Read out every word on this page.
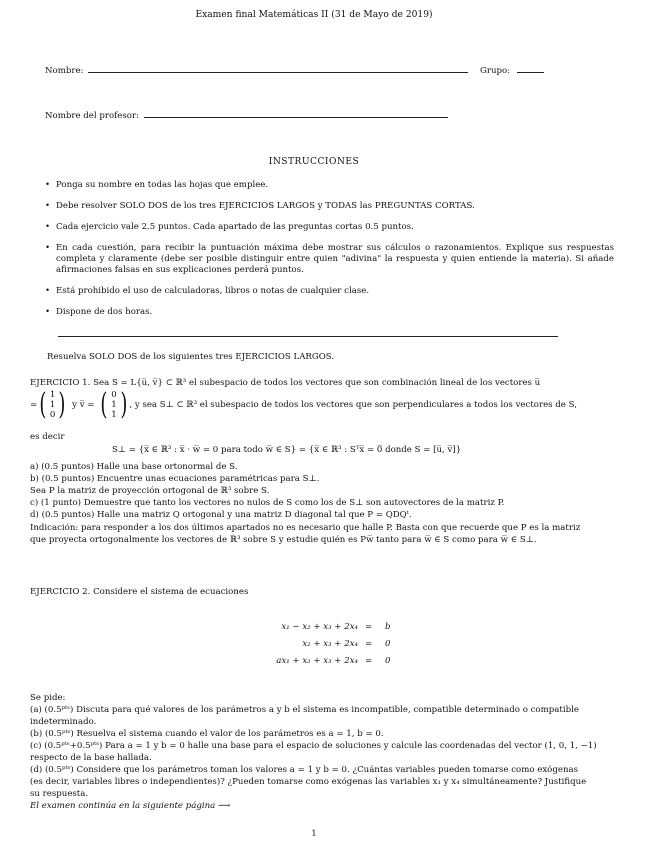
Examen final Matemáticas II (31 de Mayo de 2019)
Nombre:	Grupo:
Nombre del profesor:
INSTRUCCIONES
• Ponga su nombre en todas las hojas que emplee.
• Debe resolver SOLO DOS de los tres EJERCICIOS LARGOS y TODAS las PREGUNTAS CORTAS.
• Cada ejercicio vale 2.5 puntos. Cada apartado de las preguntas cortas 0.5 puntos.
• En cada cuestión, para recibir la puntuación máxima debe mostrar sus cálculos o razonamientos. Explique sus respuestas completa y claramente (debe ser posible distinguir entre quien "adivina" la respuesta y quien entiende la materia). Si añade afirmaciones falsas en sus explicaciones perderá puntos.
• Está prohibido el uso de calculadoras, libros o notas de cualquier clase.
• Dispone de dos horas.
Resuelva SOLO DOS de los siguientes tres EJERCICIOS LARGOS.
EJERCICIO 1. Sea S = L{u̅, v̅} ⊂ ℝ³ el subespacio de todos los vectores que son combinación lineal de los vectores u̅
= ( 1
1
0 ) y v̅ = ( 0
1
1 ) , y sea S⊥ ⊂ ℝ³ el subespacio de todos los vectores que son perpendiculares a todos los vectores de S,
es decir
S⊥ = {x̅ ∈ ℝ³ : x̅ · w̅ = 0 para todo w̅ ∈ S} = {x̅ ∈ ℝ³ : Sᵀx̅ = 0̅ donde S = [u̅, v̅]}
a) (0.5 puntos) Halle una base ortonormal de S.
b) (0.5 puntos) Encuentre unas ecuaciones paramétricas para S⊥.
Sea P la matriz de proyección ortogonal de ℝ³ sobre S.
c) (1 punto) Demuestre que tanto los vectores no nulos de S como los de S⊥ son autovectores de la matriz P.
d) (0.5 puntos) Halle una matriz Q ortogonal y una matriz D diagonal tal que P = QDQᵗ.
Indicación: para responder a los dos últimos apartados no es necesario que halle P. Basta con que recuerde que P es la matriz
que proyecta ortogonalmente los vectores de ℝ³ sobre S y estudie quién es Pw̅ tanto para w̅ ∈ S como para w̅ ∈ S⊥.
EJERCICIO 2. Considere el sistema de ecuaciones
x₁ − x₂ + x₃ + 2x₄ = b
x₂ + x₃ + 2x₄ = 0
ax₁ + x₂ + x₃ + 2x₄ = 0
Se pide:
(a) (0.5ᵖᵗˢ) Discuta para qué valores de los parámetros a y b el sistema es incompatible, compatible determinado o compatible
indeterminado.
(b) (0.5ᵖᵗˢ) Resuelva el sistema cuando el valor de los parámetros es a = 1, b = 0.
(c) (0.5ᵖᵗˢ+0.5ᵖᵗˢ) Para a = 1 y b = 0 halle una base para el espacio de soluciones y calcule las coordenadas del vector (1, 0, 1, −1)
respecto de la base hallada.
(d) (0.5ᵖᵗˢ) Considere que los parámetros toman los valores a = 1 y b = 0. ¿Cuántas variables pueden tomarse como exógenas
(es decir, variables libres o independientes)? ¿Pueden tomarse como exógenas las variables x₁ y x₄ simultáneamente? Justifique
su respuesta.
El examen continúa en la siguiente página ⟶
1
